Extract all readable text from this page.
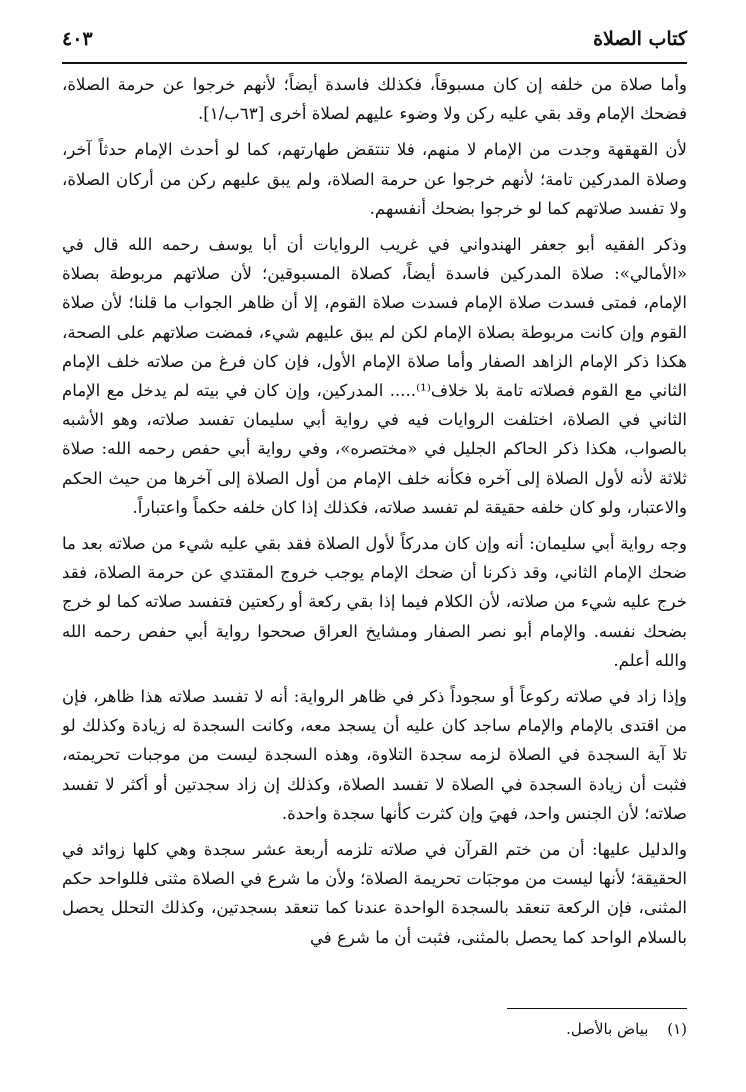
كتاب الصلاة
٤٠٣

وأما صلاة من خلفه إن كان مسبوقاً، فكذلك فاسدة أيضاً؛ لأنهم خرجوا عن حرمة الصلاة، فضحك الإمام وقد بقي عليه ركن ولا وضوء عليهم لصلاة أخرى [٦٣ب/١].

لأن القهقهة وجدت من الإمام لا منهم، فلا تنتقض طهارتهم، كما لو أحدث الإمام حدثاً آخر، وصلاة المدركين تامة؛ لأنهم خرجوا عن حرمة الصلاة، ولم يبق عليهم ركن من أركان الصلاة، ولا تفسد صلاتهم كما لو خرجوا بضحك أنفسهم.

وذكر الفقيه أبو جعفر الهندواني في غريب الروايات أن أبا يوسف رحمه الله قال في «الأمالي»: صلاة المدركين فاسدة أيضاً، كصلاة المسبوقين؛ لأن صلاتهم مربوطة بصلاة الإمام، فمتى فسدت صلاة الإمام فسدت صلاة القوم، إلا أن ظاهر الجواب ما قلنا؛ لأن صلاة القوم وإن كانت مربوطة بصلاة الإمام لكن لم يبق عليهم شيء، فمضت صلاتهم على الصحة، هكذا ذكر الإمام الزاهد الصفار وأما صلاة الإمام الأول، فإن كان فرغ من صلاته خلف الإمام الثاني مع القوم فصلاته تامة بلا خلاف⁽¹⁾..... المدركين، وإن كان في بيته لم يدخل مع الإمام الثاني في الصلاة، اختلفت الروايات فيه في رواية أبي سليمان تفسد صلاته، وهو الأشبه بالصواب، هكذا ذكر الحاكم الجليل في «مختصره»، وفي رواية أبي حفص رحمه الله: صلاة ثلاثة لأنه لأول الصلاة إلى آخره فكأنه خلف الإمام من أول الصلاة إلى آخرها من حيث الحكم والاعتبار، ولو كان خلفه حقيقة لم تفسد صلاته، فكذلك إذا كان خلفه حكماً واعتباراً.

وجه رواية أبي سليمان: أنه وإن كان مدركاً لأول الصلاة فقد بقي عليه شيء من صلاته بعد ما ضحك الإمام الثاني، وقد ذكرنا أن ضحك الإمام يوجب خروج المقتدي عن حرمة الصلاة، فقد خرج عليه شيء من صلاته، لأن الكلام فيما إذا بقي ركعة أو ركعتين فتفسد صلاته كما لو خرج بضحك نفسه. والإمام أبو نصر الصفار ومشايخ العراق صححوا رواية أبي حفص رحمه الله والله أعلم.

وإذا زاد في صلاته ركوعاً أو سجوداً ذكر في ظاهر الرواية: أنه لا تفسد صلاته هذا ظاهر، فإن من اقتدى بالإمام والإمام ساجد كان عليه أن يسجد معه، وكانت السجدة له زيادة وكذلك لو تلا آية السجدة في الصلاة لزمه سجدة التلاوة، وهذه السجدة ليست من موجبات تحريمته، فثبت أن زيادة السجدة في الصلاة لا تفسد الصلاة، وكذلك إن زاد سجدتين أو أكثر لا تفسد صلاته؛ لأن الجنس واحد، فهيَ وإن كثرت كأنها سجدة واحدة.

والدليل عليها: أن من ختم القرآن في صلاته تلزمه أربعة عشر سجدة وهي كلها زوائد في الحقيقة؛ لأنها ليست من موجبَات تحريمة الصلاة؛ ولأن ما شرع في الصلاة مثنى فللواحد حكم المثنى، فإن الركعة تنعقد بالسجدة الواحدة عندنا كما تنعقد بسجدتين، وكذلك التحلل يحصل بالسلام الواحد كما يحصل بالمثنى، فثبت أن ما شرع في

(١) بياض بالأصل.
